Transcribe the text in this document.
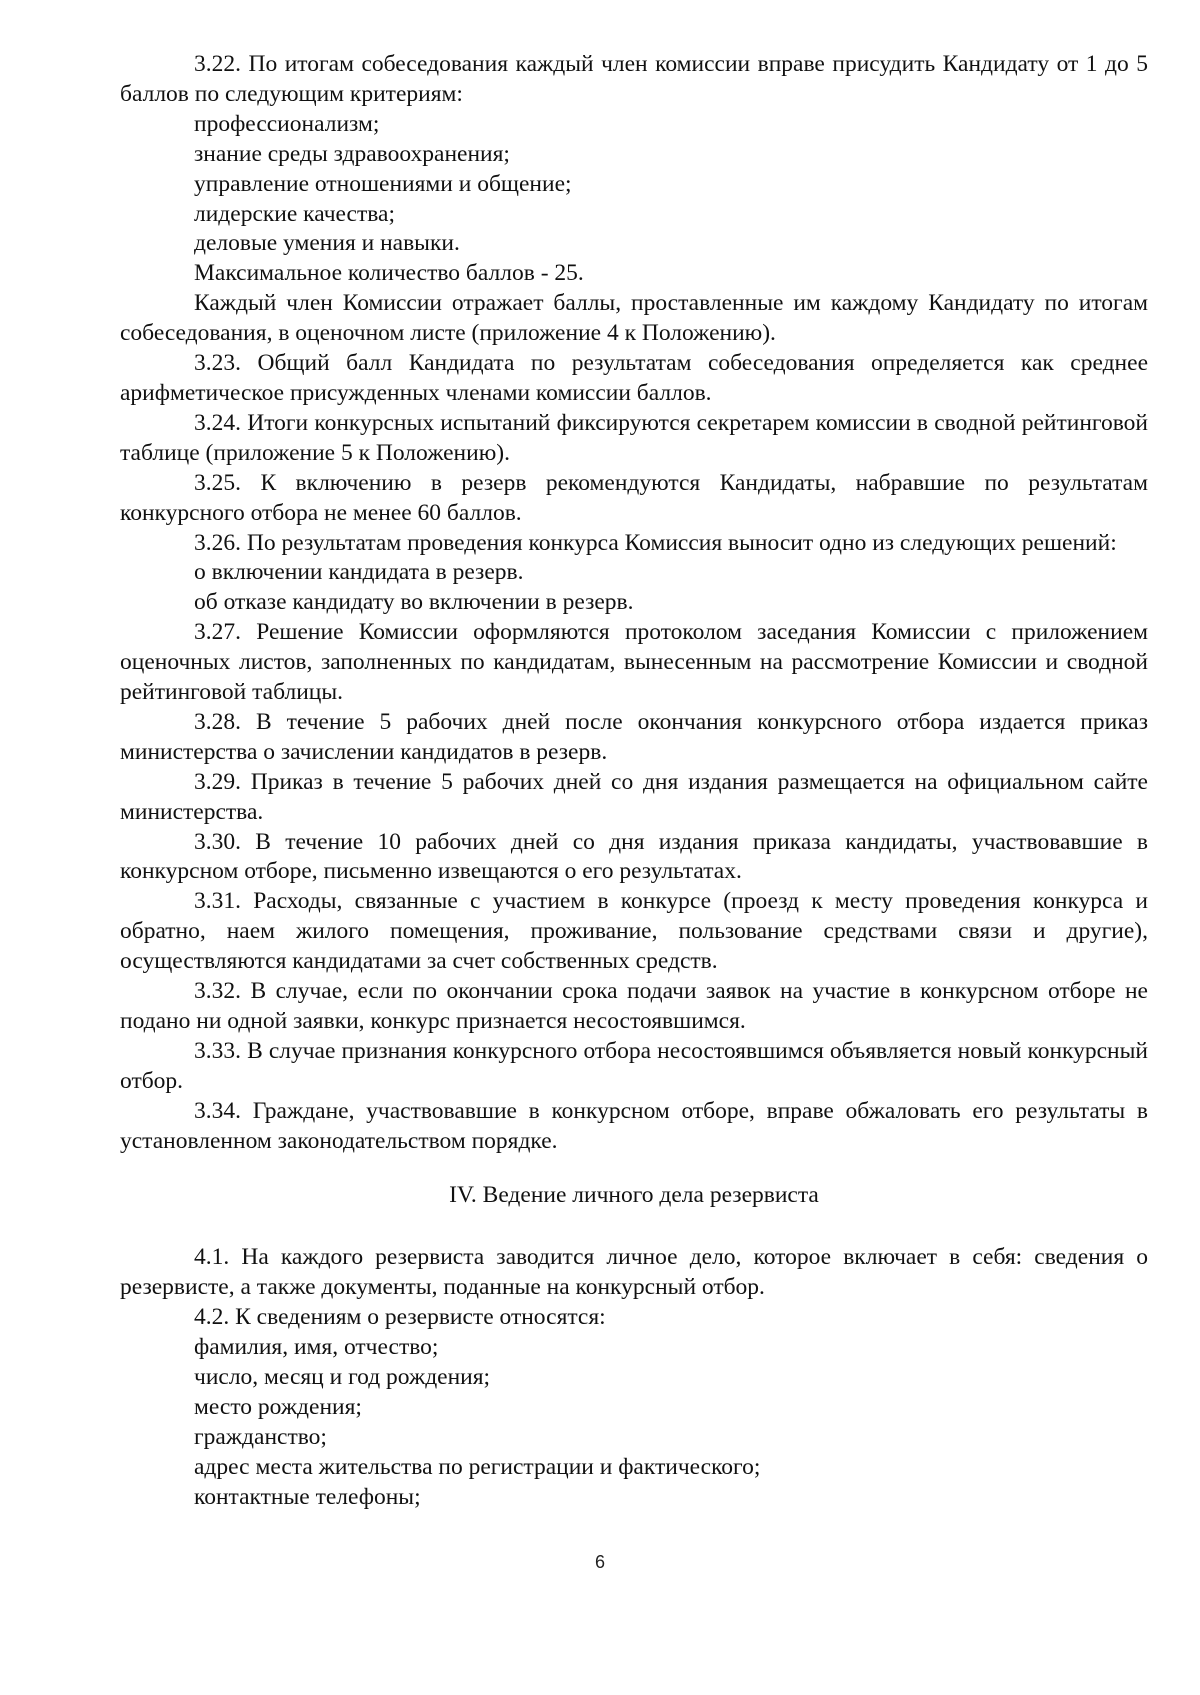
3.22. По итогам собеседования каждый член комиссии вправе присудить Кандидату от 1 до 5 баллов по следующим критериям:

профессионализм;

знание среды здравоохранения;

управление отношениями и общение;

лидерские качества;

деловые умения и навыки.

Максимальное количество баллов - 25.

Каждый член Комиссии отражает баллы, проставленные им каждому Кандидату по итогам собеседования, в оценочном листе (приложение 4 к Положению).

3.23. Общий балл Кандидата по результатам собеседования определяется как среднее арифметическое присужденных членами комиссии баллов.

3.24. Итоги конкурсных испытаний фиксируются секретарем комиссии в сводной рейтинговой таблице (приложение 5 к Положению).

3.25. К включению в резерв рекомендуются Кандидаты, набравшие по результатам конкурсного отбора не менее 60 баллов.

3.26. По результатам проведения конкурса Комиссия выносит одно из следующих решений:

о включении кандидата в резерв.

об отказе кандидату во включении в резерв.

3.27. Решение Комиссии оформляются протоколом заседания Комиссии с приложением оценочных листов, заполненных по кандидатам, вынесенным на рассмотрение Комиссии и сводной рейтинговой таблицы.

3.28. В течение 5 рабочих дней после окончания конкурсного отбора издается приказ министерства о зачислении кандидатов в резерв.

3.29. Приказ в течение 5 рабочих дней со дня издания размещается на официальном сайте министерства.

3.30. В течение 10 рабочих дней со дня издания приказа кандидаты, участвовавшие в конкурсном отборе, письменно извещаются о его результатах.

3.31. Расходы, связанные с участием в конкурсе (проезд к месту проведения конкурса и обратно, наем жилого помещения, проживание, пользование средствами связи и другие), осуществляются кандидатами за счет собственных средств.

3.32. В случае, если по окончании срока подачи заявок на участие в конкурсном отборе не подано ни одной заявки, конкурс признается несостоявшимся.

3.33. В случае признания конкурсного отбора несостоявшимся объявляется новый конкурсный отбор.

3.34. Граждане, участвовавшие в конкурсном отборе, вправе обжаловать его результаты в установленном законодательством порядке.

IV. Ведение личного дела резервиста

4.1. На каждого резервиста заводится личное дело, которое включает в себя: сведения о резервисте, а также документы, поданные на конкурсный отбор.

4.2. К сведениям о резервисте относятся:

фамилия, имя, отчество;

число, месяц и год рождения;

место рождения;

гражданство;

адрес места жительства по регистрации и фактического;

контактные телефоны;

6
